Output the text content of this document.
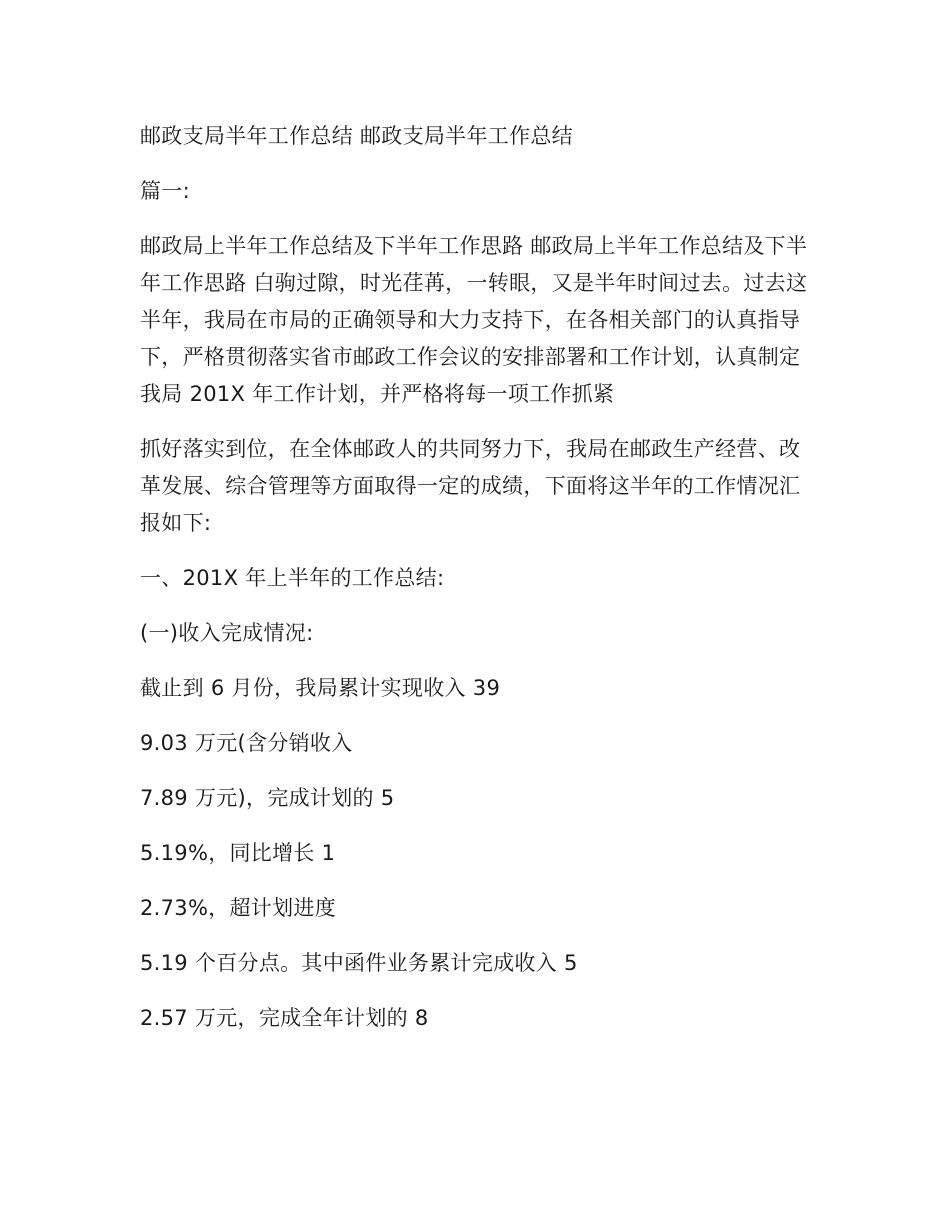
邮政支局半年工作总结 邮政支局半年工作总结

篇一:

邮政局上半年工作总结及下半年工作思路 邮政局上半年工作总结及下半年工作思路 白驹过隙，时光荏苒，一转眼，又是半年时间过去。过去这半年，我局在市局的正确领导和大力支持下，在各相关部门的认真指导下，严格贯彻落实省市邮政工作会议的安排部署和工作计划，认真制定我局 201X 年工作计划，并严格将每一项工作抓紧

抓好落实到位，在全体邮政人的共同努力下，我局在邮政生产经营、改革发展、综合管理等方面取得一定的成绩，下面将这半年的工作情况汇报如下:

一、201X 年上半年的工作总结:

(一)收入完成情况:

截止到 6 月份，我局累计实现收入 39

9.03 万元(含分销收入

7.89 万元)，完成计划的 5

5.19%，同比增长 1

2.73%，超计划进度

5.19 个百分点。其中函件业务累计完成收入 5

2.57 万元，完成全年计划的 8
